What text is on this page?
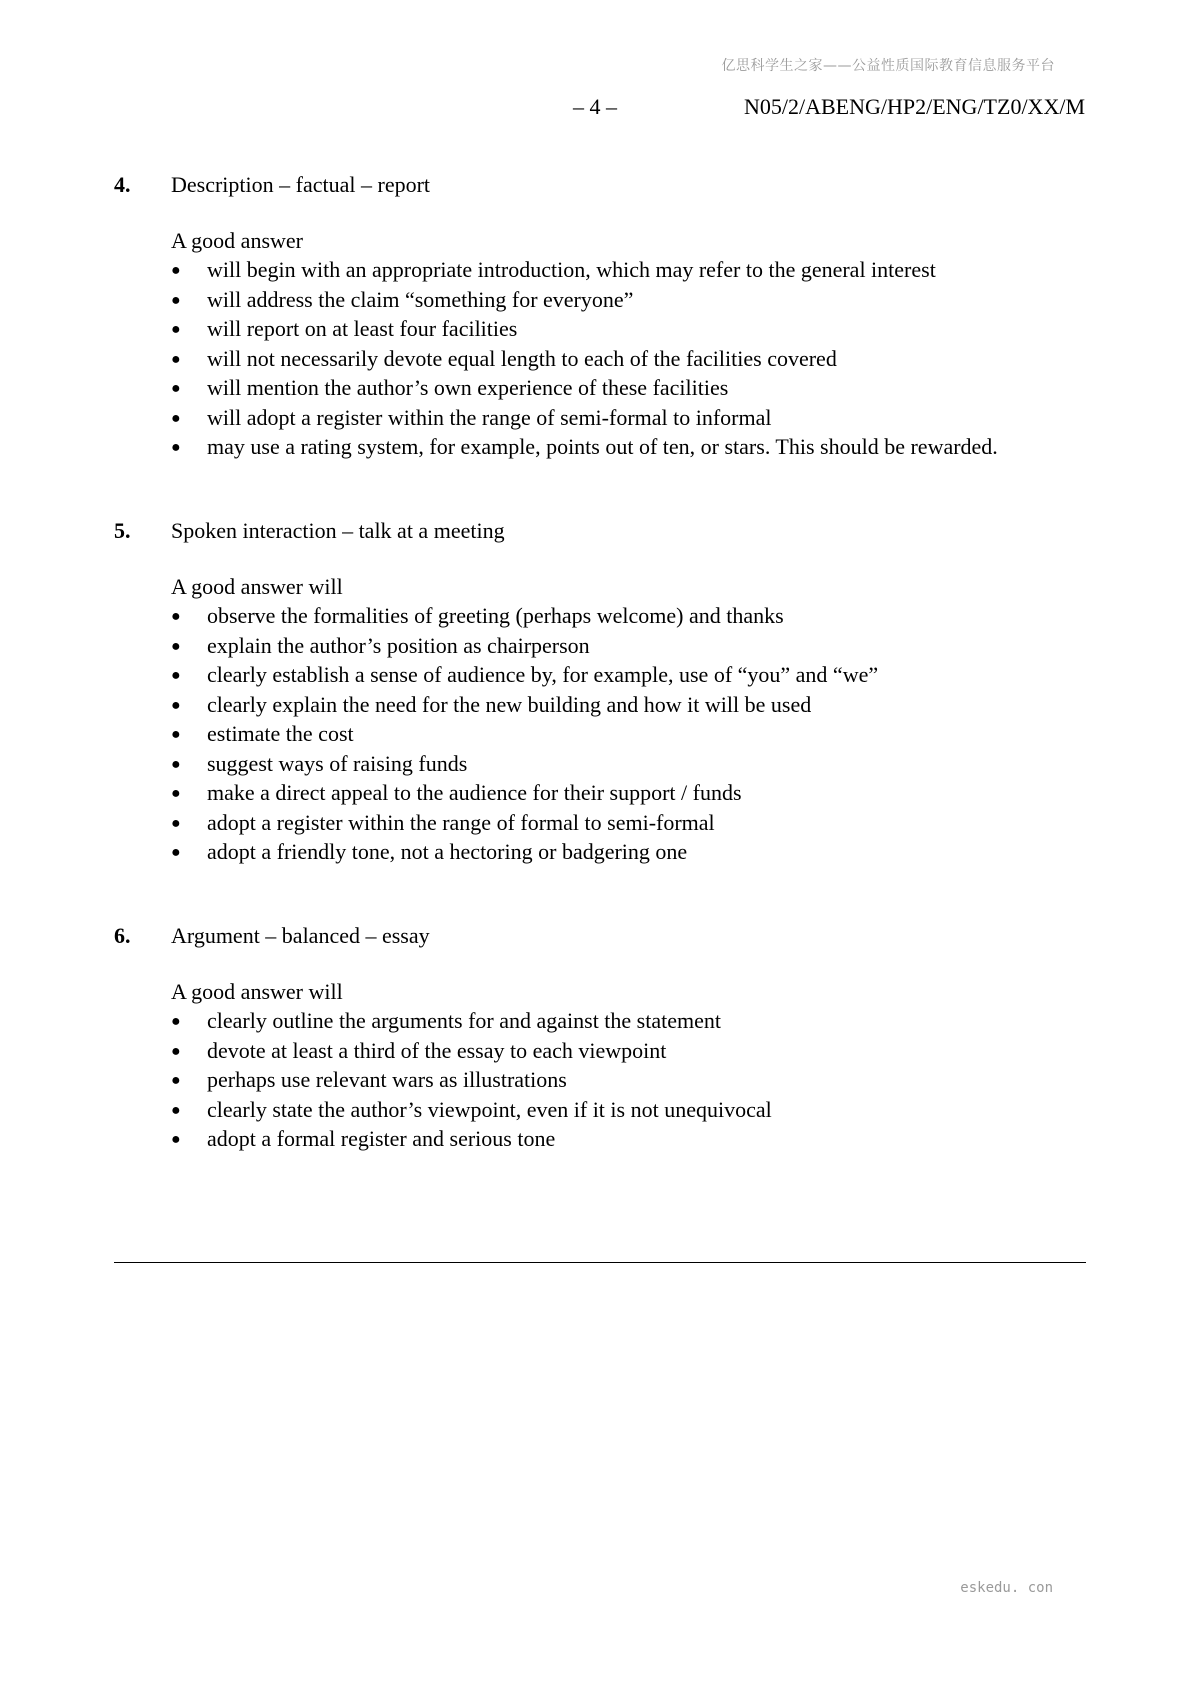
亿思科学生之家——公益性质国际教育信息服务平台
– 4 –	N05/2/ABENG/HP2/ENG/TZ0/XX/M
4. Description – factual – report
A good answer
● will begin with an appropriate introduction, which may refer to the general interest
● will address the claim “something for everyone”
● will report on at least four facilities
● will not necessarily devote equal length to each of the facilities covered
● will mention the author’s own experience of these facilities
● will adopt a register within the range of semi-formal to informal
● may use a rating system, for example, points out of ten, or stars. This should be rewarded.
5. Spoken interaction – talk at a meeting
A good answer will
● observe the formalities of greeting (perhaps welcome) and thanks
● explain the author’s position as chairperson
● clearly establish a sense of audience by, for example, use of “you” and “we”
● clearly explain the need for the new building and how it will be used
● estimate the cost
● suggest ways of raising funds
● make a direct appeal to the audience for their support / funds
● adopt a register within the range of formal to semi-formal
● adopt a friendly tone, not a hectoring or badgering one
6. Argument – balanced – essay
A good answer will
● clearly outline the arguments for and against the statement
● devote at least a third of the essay to each viewpoint
● perhaps use relevant wars as illustrations
● clearly state the author’s viewpoint, even if it is not unequivocal
● adopt a formal register and serious tone
eskedu. con
